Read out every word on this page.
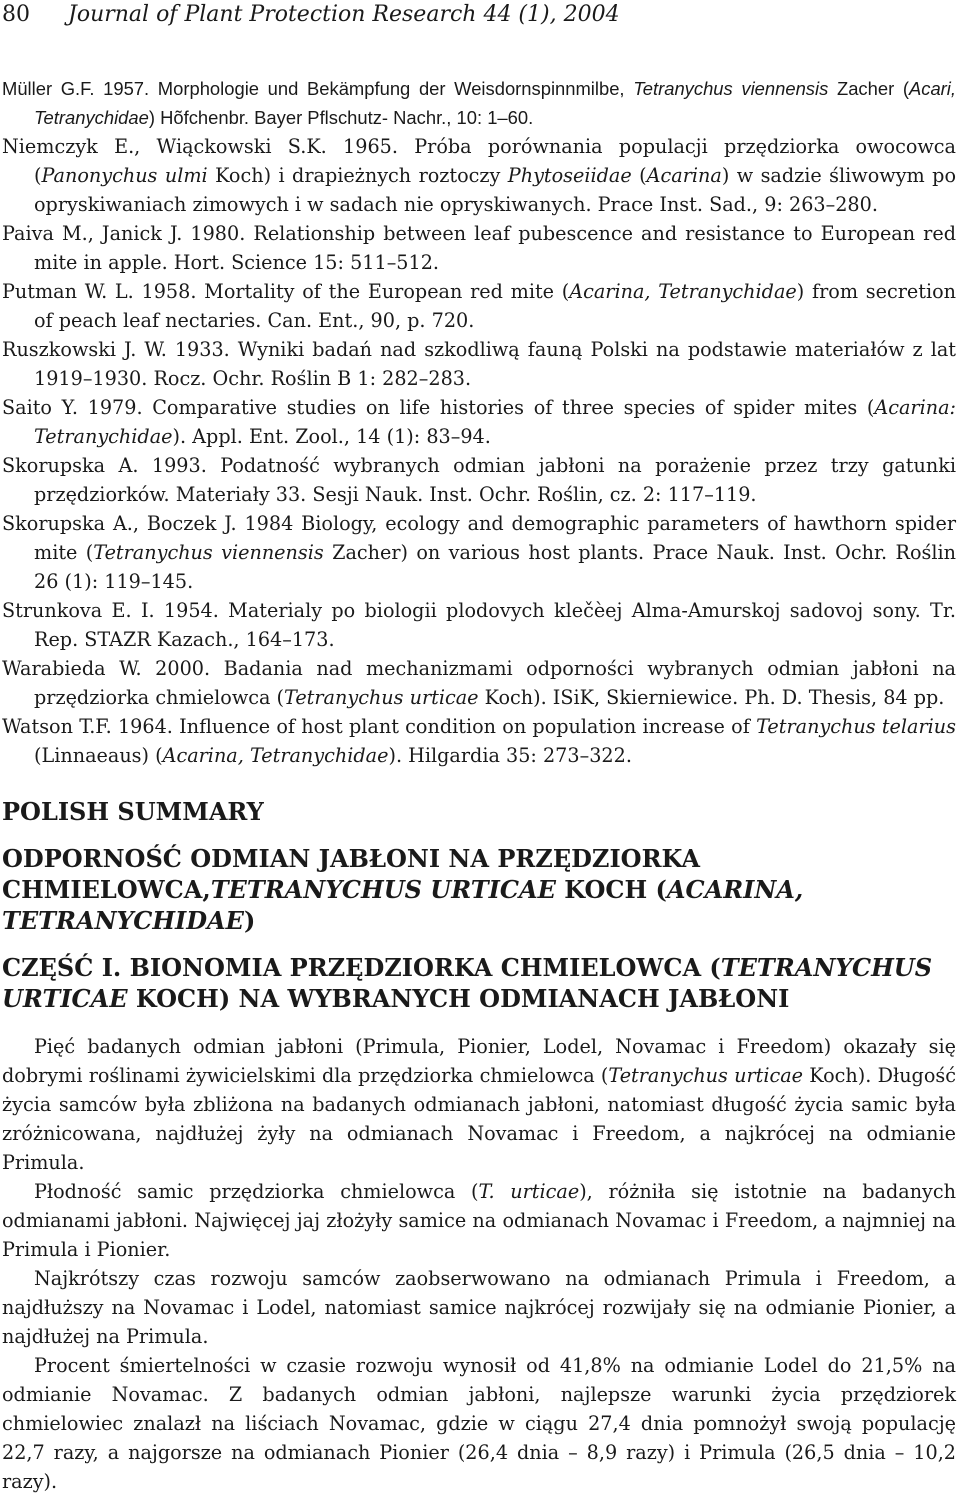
80	Journal of Plant Protection Research 44 (1), 2004

Müller G.F. 1957. Morphologie und Bekämpfung der Weisdornspinnmilbe, Tetranychus viennensis Zacher (Acari, Tetranychidae) Hõfchenbr. Bayer Pflschutz- Nachr., 10: 1–60.

Niemczyk E., Wiąckowski S.K. 1965. Próba porównania populacji przędziorka owocowca (Panonychus ulmi Koch) i drapieżnych roztoczy Phytoseiidae (Acarina) w sadzie śliwowym po opryskiwaniach zimowych i w sadach nie opryskiwanych. Prace Inst. Sad., 9: 263–280.

Paiva M., Janick J. 1980. Relationship between leaf pubescence and resistance to European red mite in apple. Hort. Science 15: 511–512.

Putman W. L. 1958. Mortality of the European red mite (Acarina, Tetranychidae) from secretion of peach leaf nectaries. Can. Ent., 90, p. 720.

Ruszkowski J. W. 1933. Wyniki badań nad szkodliwą fauną Polski na podstawie materiałów z lat 1919–1930. Rocz. Ochr. Roślin B 1: 282–283.

Saito Y. 1979. Comparative studies on life histories of three species of spider mites (Acarina: Tetranychidae). Appl. Ent. Zool., 14 (1): 83–94.

Skorupska A. 1993. Podatność wybranych odmian jabłoni na porażenie przez trzy gatunki przędziorków. Materiały 33. Sesji Nauk. Inst. Ochr. Roślin, cz. 2: 117–119.

Skorupska A., Boczek J. 1984 Biology, ecology and demographic parameters of hawthorn spider mite (Tetranychus viennensis Zacher) on various host plants. Prace Nauk. Inst. Ochr. Roślin 26 (1): 119–145.

Strunkova E. I. 1954. Materialy po biologii plodovych klečèej Alma-Amurskoj sadovoj sony. Tr. Rep. STAZR Kazach., 164–173.

Warabieda W. 2000. Badania nad mechanizmami odporności wybranych odmian jabłoni na przędziorka chmielowca (Tetranychus urticae Koch). ISiK, Skierniewice. Ph. D. Thesis, 84 pp.

Watson T.F. 1964. Influence of host plant condition on population increase of Tetranychus telarius (Linnaeaus) (Acarina, Tetranychidae). Hilgardia 35: 273–322.

POLISH SUMMARY
ODPORNOŚĆ ODMIAN JABŁONI NA PRZĘDZIORKA CHMIELOWCA,TETRANYCHUS URTICAE KOCH (ACARINA, TETRANYCHIDAE)
CZĘŚĆ I. BIONOMIA PRZĘDZIORKA CHMIELOWCA (TETRANYCHUS URTICAE KOCH) NA WYBRANYCH ODMIANACH JABŁONI

Pięć badanych odmian jabłoni (Primula, Pionier, Lodel, Novamac i Freedom) okazały się dobrymi roślinami żywicielskimi dla przędziorka chmielowca (Tetranychus urticae Koch). Długość życia samców była zbliżona na badanych odmianach jabłoni, natomiast długość życia samic była zróżnicowana, najdłużej żyły na odmianach Novamac i Freedom, a najkrócej na odmianie Primula.

Płodność samic przędziorka chmielowca (T. urticae), różniła się istotnie na badanych odmianami jabłoni. Najwięcej jaj złożyły samice na odmianach Novamac i Freedom, a najmniej na Primula i Pionier.

Najkrótszy czas rozwoju samców zaobserwowano na odmianach Primula i Freedom, a najdłuższy na Novamac i Lodel, natomiast samice najkrócej rozwijały się na odmianie Pionier, a najdłużej na Primula.

Procent śmiertelności w czasie rozwoju wynosił od 41,8% na odmianie Lodel do 21,5% na odmianie Novamac. Z badanych odmian jabłoni, najlepsze warunki życia przędziorek chmielowiec znalazł na liściach Novamac, gdzie w ciągu 27,4 dnia pomnożył swoją populację 22,7 razy, a najgorsze na odmianach Pionier (26,4 dnia – 8,9 razy) i Primula (26,5 dnia – 10,2 razy).
